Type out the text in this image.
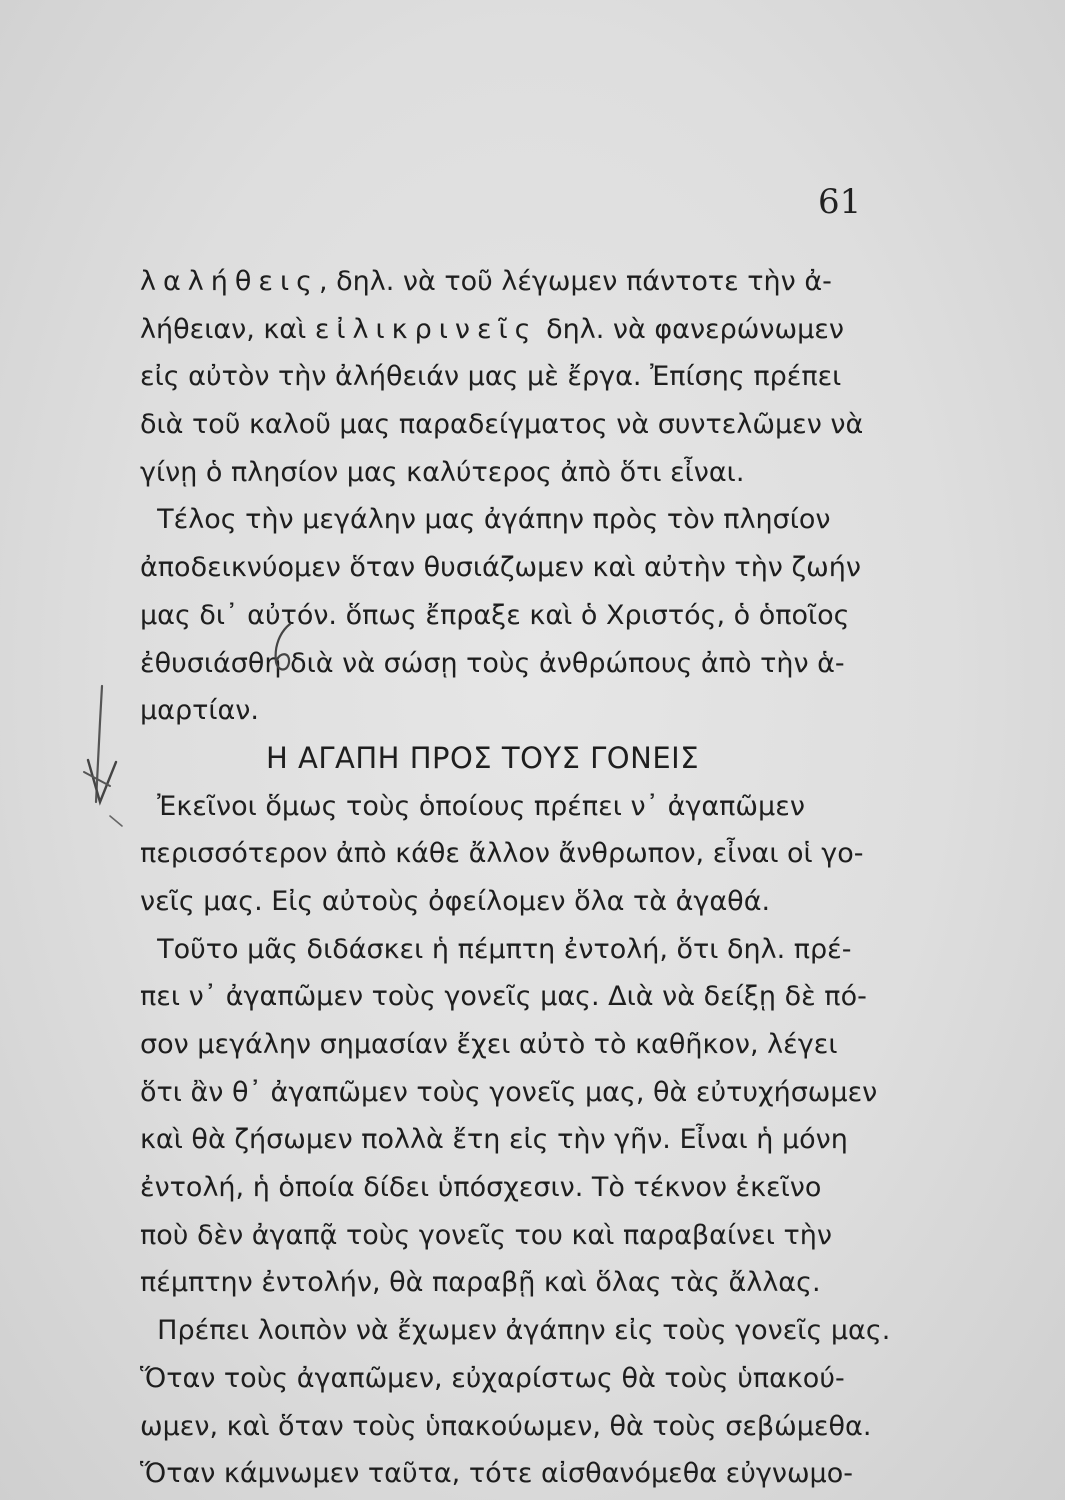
61
λαλήθεις, δηλ. νὰ τοῦ λέγωμεν πάντοτε τὴν ἀ-
λήθειαν, καὶ εἰλικρινεῖς δηλ. νὰ φανερώνωμεν
εἰς αὐτὸν τὴν ἀλήθειάν μας μὲ ἔργα. Ἐπίσης πρέπει
διὰ τοῦ καλοῦ μας παραδείγματος νὰ συντελῶμεν νὰ
γίνῃ ὁ πλησίον μας καλύτερος ἀπὸ ὅτι εἶναι.
Τέλος τὴν μεγάλην μας ἀγάπην πρὸς τὸν πλησίον
ἀποδεικνύομεν ὅταν θυσιάζωμεν καὶ αὐτὴν τὴν ζωήν
μας δι᾿ αὐτόν. ὅπως ἔπραξε καὶ ὁ Χριστός, ὁ ὁποῖος
ἐθυσιάσθη διὰ νὰ σώσῃ τοὺς ἀνθρώπους ἀπὸ τὴν ἁ-
μαρτίαν.
Η ΑΓΑΠΗ ΠΡΟΣ ΤΟΥΣ ΓΟΝΕΙΣ
Ἐκεῖνοι ὅμως τοὺς ὁποίους πρέπει ν᾿ ἀγαπῶμεν
περισσότερον ἀπὸ κάθε ἄλλον ἄνθρωπον, εἶναι οἱ γο-
νεῖς μας. Εἰς αὐτοὺς ὀφείλομεν ὅλα τὰ ἀγαθά.
Τοῦτο μᾶς διδάσκει ἡ πέμπτη ἐντολή, ὅτι δηλ. πρέ-
πει ν᾿ ἀγαπῶμεν τοὺς γονεῖς μας. Διὰ νὰ δείξῃ δὲ πό-
σον μεγάλην σημασίαν ἔχει αὐτὸ τὸ καθῆκον, λέγει
ὅτι ἂν θ᾿ ἀγαπῶμεν τοὺς γονεῖς μας, θὰ εὐτυχήσωμεν
καὶ θὰ ζήσωμεν πολλὰ ἔτη εἰς τὴν γῆν. Εἶναι ἡ μόνη
ἐντολή, ἡ ὁποία δίδει ὑπόσχεσιν. Τὸ τέκνον ἐκεῖνο
ποὺ δὲν ἀγαπᾷ τοὺς γονεῖς του καὶ παραβαίνει τὴν
πέμπτην ἐντολήν, θὰ παραβῇ καὶ ὅλας τὰς ἄλλας.
Πρέπει λοιπὸν νὰ ἔχωμεν ἀγάπην εἰς τοὺς γονεῖς μας.
Ὅταν τοὺς ἀγαπῶμεν, εὐχαρίστως θὰ τοὺς ὑπακού-
ωμεν, καὶ ὅταν τοὺς ὑπακούωμεν, θὰ τοὺς σεβώμεθα.
Ὅταν κάμνωμεν ταῦτα, τότε αἰσθανόμεθα εὐγνωμο-
